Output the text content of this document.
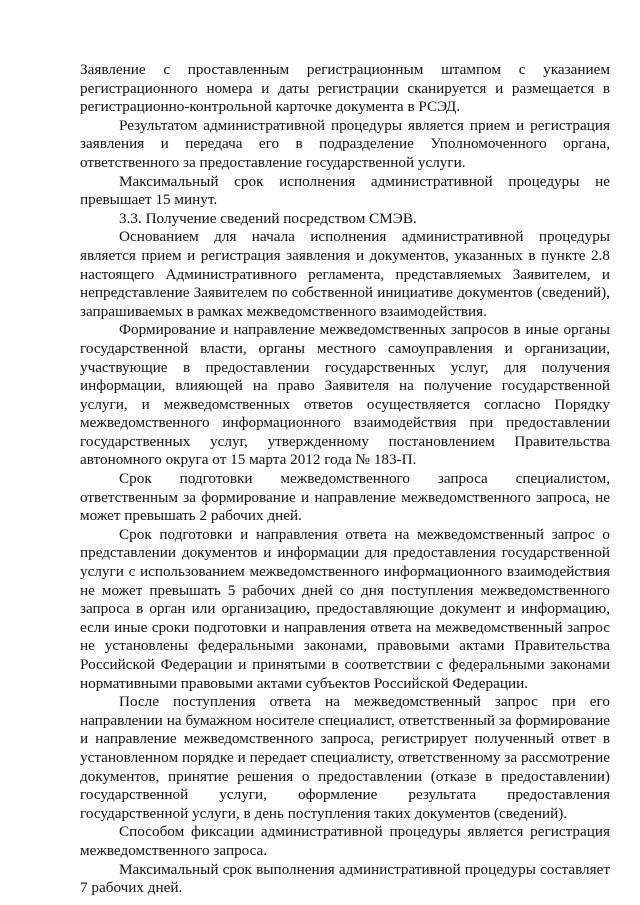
Заявление с проставленным регистрационным штампом с указанием регистрационного номера и даты регистрации сканируется и размещается в регистрационно-контрольной карточке документа в РСЭД.

Результатом административной процедуры является прием и регистрация заявления и передача его в подразделение Уполномоченного органа, ответственного за предоставление государственной услуги.

Максимальный срок исполнения административной процедуры не превышает 15 минут.

3.3. Получение сведений посредством СМЭВ.

Основанием для начала исполнения административной процедуры является прием и регистрация заявления и документов, указанных в пункте 2.8 настоящего Административного регламента, представляемых Заявителем, и непредставление Заявителем по собственной инициативе документов (сведений), запрашиваемых в рамках межведомственного взаимодействия.

Формирование и направление межведомственных запросов в иные органы государственной власти, органы местного самоуправления и организации, участвующие в предоставлении государственных услуг, для получения информации, влияющей на право Заявителя на получение государственной услуги, и межведомственных ответов осуществляется согласно Порядку межведомственного информационного взаимодействия при предоставлении государственных услуг, утвержденному постановлением Правительства автономного округа от 15 марта 2012 года № 183-П.

Срок подготовки межведомственного запроса специалистом, ответственным за формирование и направление межведомственного запроса, не может превышать 2 рабочих дней.

Срок подготовки и направления ответа на межведомственный запрос о представлении документов и информации для предоставления государственной услуги с использованием межведомственного информационного взаимодействия не может превышать 5 рабочих дней со дня поступления межведомственного запроса в орган или организацию, предоставляющие документ и информацию, если иные сроки подготовки и направления ответа на межведомственный запрос не установлены федеральными законами, правовыми актами Правительства Российской Федерации и принятыми в соответствии с федеральными законами нормативными правовыми актами субъектов Российской Федерации.

После поступления ответа на межведомственный запрос при его направлении на бумажном носителе специалист, ответственный за формирование и направление межведомственного запроса, регистрирует полученный ответ в установленном порядке и передает специалисту, ответственному за рассмотрение документов, принятие решения о предоставлении (отказе в предоставлении) государственной услуги, оформление результата предоставления государственной услуги, в день поступления таких документов (сведений).

Способом фиксации административной процедуры является регистрация межведомственного запроса.

Максимальный срок выполнения административной процедуры составляет 7 рабочих дней.
